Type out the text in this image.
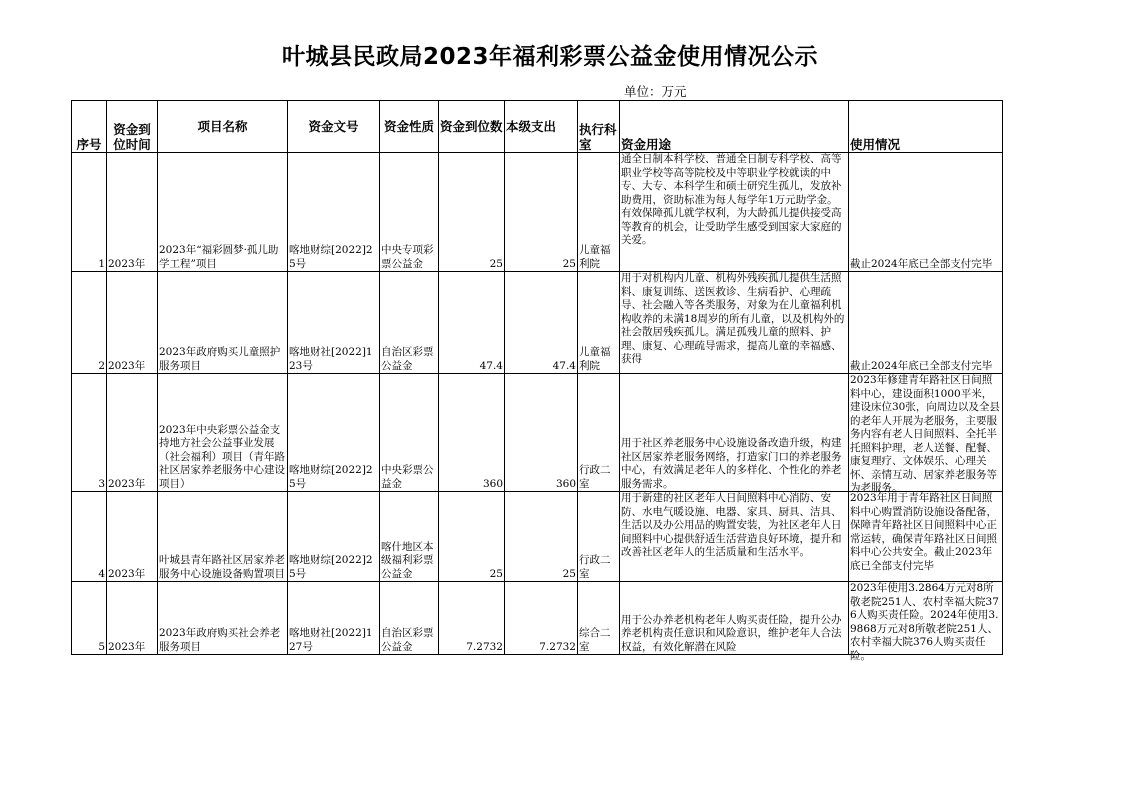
叶城县民政局2023年福利彩票公益金使用情况公示
单位：万元
序号	资金到位时间	项目名称	资金文号	资金性质	资金到位数	本级支出	执行科室	资金用途	使用情况
1	2023年	2023年“福彩圆梦·孤儿助学工程”项目	喀地财综[2022]25号	中央专项彩票公益金	25	25	儿童福利院	通全日制本科学校、普通全日制专科学校、高等职业学校等高等院校及中等职业学校就读的中专、大专、本科学生和硕士研究生孤儿，发放补助费用，资助标准为每人每学年1万元助学金。有效保障孤儿就学权利，为大龄孤儿提供接受高等教育的机会，让受助学生感受到国家大家庭的关爱。	截止2024年底已全部支付完毕
2	2023年	2023年政府购买儿童照护服务项目	喀地财社[2022]123号	自治区彩票公益金	47.4	47.4	儿童福利院	用于对机构内儿童、机构外残疾孤儿提供生活照料、康复训练、送医救诊、生病看护、心理疏导、社会融入等各类服务，对象为在儿童福利机构收养的未满18周岁的所有儿童，以及机构外的社会散居残疾孤儿。满足孤残儿童的照料、护理、康复、心理疏导需求，提高儿童的幸福感、获得	截止2024年底已全部支付完毕
3	2023年	2023年中央彩票公益金支持地方社会公益事业发展（社会福利）项目（青年路社区居家养老服务中心建设项目）	喀地财综[2022]25号	中央彩票公益金	360	360	行政二室	用于社区养老服务中心设施设备改造升级，构建社区居家养老服务网络，打造家门口的养老服务中心，有效满足老年人的多样化、个性化的养老服务需求。	2023年修建青年路社区日间照料中心，建设面积1000平米，建设床位30张，向周边以及全县的老年人开展为老服务，主要服务内容有老人日间照料、全托半托照料护理，老人送餐、配餐、康复理疗、文体娱乐、心理关怀、亲情互动、居家养老服务等为老服务。

4	2023年	叶城县青年路社区居家养老服务中心设施设备购置项目	喀地财综[2022]25号	喀什地区本级福利彩票公益金	25	25	行政二室	用于新建的社区老年人日间照料中心消防、安防、水电气暖设施、电器、家具、厨具、洁具、生活以及办公用品的购置安装，为社区老年人日间照料中心提供舒适生活营造良好环境，提升和改善社区老年人的生活质量和生活水平。	2023年用于青年路社区日间照料中心购置消防设施设备配备，保障青年路社区日间照料中心正常运转，确保青年路社区日间照料中心公共安全。截止2023年底已全部支付完毕

5	2023年	2023年政府购买社会养老服务项目	喀地财社[2022]127号	自治区彩票公益金	7.2732	7.2732	综合二室	用于公办养老机构老年人购买责任险，提升公办养老机构责任意识和风险意识，维护老年人合法权益，有效化解潜在风险	2023年使用3.2864万元对8所敬老院251人、农村幸福大院376人购买责任险。2024年使用3.9868万元对8所敬老院251人、农村幸福大院376人购买责任险。
